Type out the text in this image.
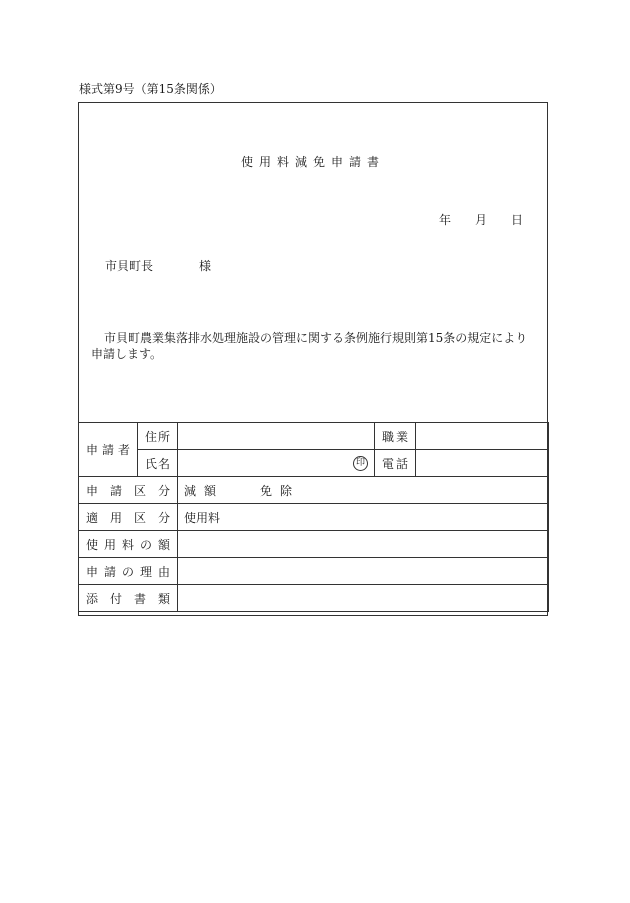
様式第9号（第15条関係）
使用料減免申請書
年	月	日
市貝町長	様
市貝町農業集落排水処理施設の管理に関する条例施行規則第15条の規定により申請します。
申 請 者	住 所		職 業	

	氏 名	印	電 話	

申 請 区 分		減額 免除		

適 用 区 分		使用料		

使 用 料 の 額				

申 請 の 理 由				

添 付 書 類				
